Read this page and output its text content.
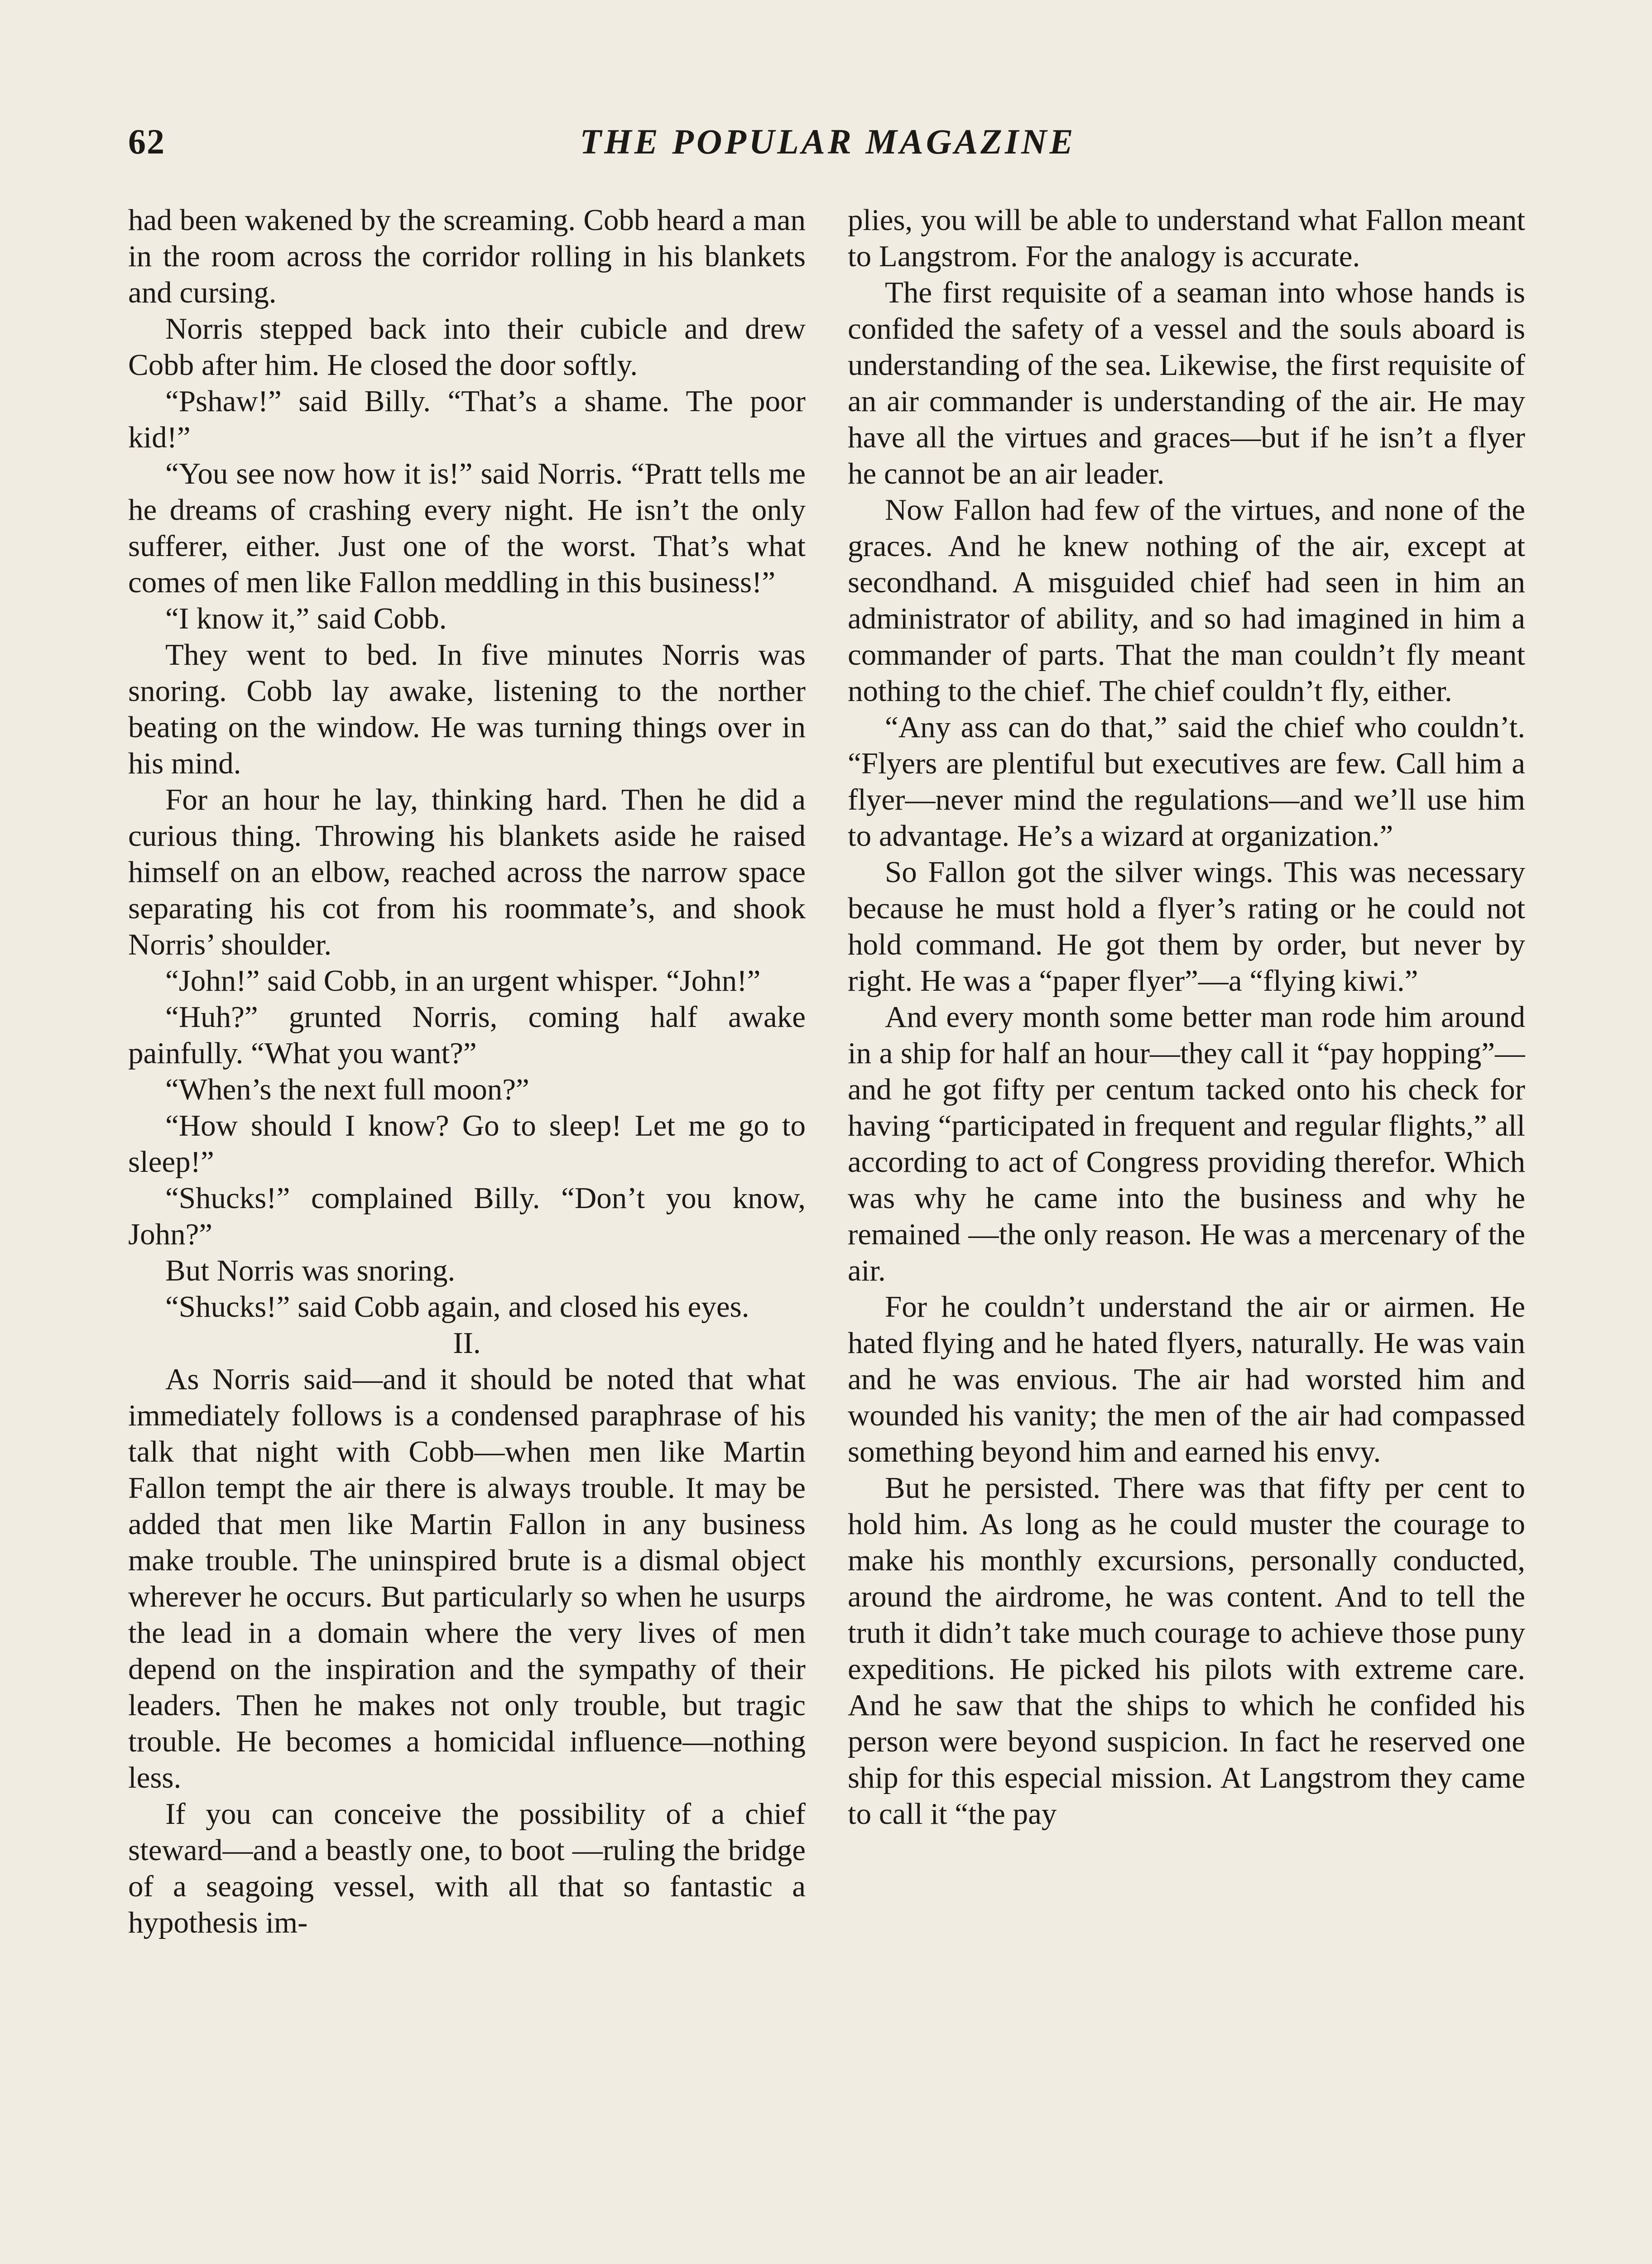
62	THE POPULAR MAGAZINE

had been wakened by the screaming. Cobb heard a man in the room across the corridor rolling in his blankets and cursing.

Norris stepped back into their cubicle and drew Cobb after him. He closed the door softly.

“Pshaw!” said Billy. “That’s a shame. The poor kid!”

“You see now how it is!” said Norris. “Pratt tells me he dreams of crashing every night. He isn’t the only sufferer, either. Just one of the worst. That’s what comes of men like Fallon meddling in this business!”

“I know it,” said Cobb.

They went to bed. In five minutes Norris was snoring. Cobb lay awake, listening to the norther beating on the window. He was turning things over in his mind.

For an hour he lay, thinking hard. Then he did a curious thing. Throwing his blankets aside he raised himself on an elbow, reached across the narrow space separating his cot from his roommate’s, and shook Norris’ shoulder.

“John!” said Cobb, in an urgent whisper. “John!”

“Huh?” grunted Norris, coming half awake painfully. “What you want?”

“When’s the next full moon?”

“How should I know? Go to sleep! Let me go to sleep!”

“Shucks!” complained Billy. “Don’t you know, John?”

But Norris was snoring.

“Shucks!” said Cobb again, and closed his eyes.

II.

As Norris said—and it should be noted that what immediately follows is a condensed paraphrase of his talk that night with Cobb—when men like Martin Fallon tempt the air there is always trouble. It may be added that men like Martin Fallon in any business make trouble. The uninspired brute is a dismal object wherever he occurs. But particularly so when he usurps the lead in a domain where the very lives of men depend on the inspiration and the sympathy of their leaders. Then he makes not only trouble, but tragic trouble. He becomes a homicidal influence—nothing less.

If you can conceive the possibility of a chief steward—and a beastly one, to boot —ruling the bridge of a seagoing vessel, with all that so fantastic a hypothesis im-

plies, you will be able to understand what Fallon meant to Langstrom. For the analogy is accurate.

The first requisite of a seaman into whose hands is confided the safety of a vessel and the souls aboard is understanding of the sea. Likewise, the first requisite of an air commander is understanding of the air. He may have all the virtues and graces—but if he isn’t a flyer he cannot be an air leader.

Now Fallon had few of the virtues, and none of the graces. And he knew nothing of the air, except at secondhand. A misguided chief had seen in him an administrator of ability, and so had imagined in him a commander of parts. That the man couldn’t fly meant nothing to the chief. The chief couldn’t fly, either.

“Any ass can do that,” said the chief who couldn’t. “Flyers are plentiful but executives are few. Call him a flyer—never mind the regulations—and we’ll use him to advantage. He’s a wizard at organization.”

So Fallon got the silver wings. This was necessary because he must hold a flyer’s rating or he could not hold command. He got them by order, but never by right. He was a “paper flyer”—a “flying kiwi.”

And every month some better man rode him around in a ship for half an hour—they call it “pay hopping”—and he got fifty per centum tacked onto his check for having “participated in frequent and regular flights,” all according to act of Congress providing therefor. Which was why he came into the business and why he remained —the only reason. He was a mercenary of the air.

For he couldn’t understand the air or airmen. He hated flying and he hated flyers, naturally. He was vain and he was envious. The air had worsted him and wounded his vanity; the men of the air had compassed something beyond him and earned his envy.

But he persisted. There was that fifty per cent to hold him. As long as he could muster the courage to make his monthly excursions, personally conducted, around the airdrome, he was content. And to tell the truth it didn’t take much courage to achieve those puny expeditions. He picked his pilots with extreme care. And he saw that the ships to which he confided his person were beyond suspicion. In fact he reserved one ship for this especial mission. At Langstrom they came to call it “the pay
